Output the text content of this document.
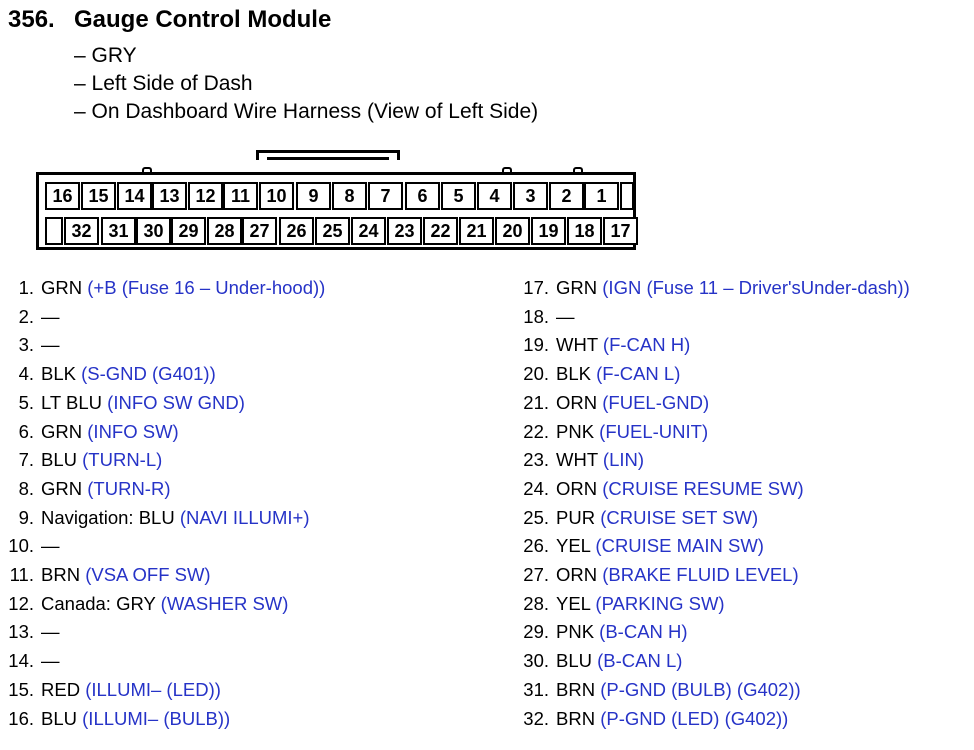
356. Gauge Control Module
– GRY
– Left Side of Dash
– On Dashboard Wire Harness (View of Left Side)
16 15 14 13 12 11 10	9	8	7	6	5	4	3	2	1
32 31 30 29 28 27 26 25 24 23 22 21 20 19 18 17
1. GRN (+B (Fuse 16 – Under-hood))
2. —
3. —
4. BLK (S-GND (G401))
5. LT BLU (INFO SW GND)
6. GRN (INFO SW)
7. BLU (TURN-L)
8. GRN (TURN-R)
9. Navigation: BLU (NAVI ILLUMI+)
10. —
11. BRN (VSA OFF SW)
12. Canada: GRY (WASHER SW)
13. —
14. —
15. RED (ILLUMI– (LED))
16. BLU (ILLUMI– (BULB))
17. GRN (IGN (Fuse 11 – Driver'sUnder-dash))
18. —
19. WHT (F-CAN H)
20. BLK (F-CAN L)
21. ORN (FUEL-GND)
22. PNK (FUEL-UNIT)
23. WHT (LIN)
24. ORN (CRUISE RESUME SW)
25. PUR (CRUISE SET SW)
26. YEL (CRUISE MAIN SW)
27. ORN (BRAKE FLUID LEVEL)
28. YEL (PARKING SW)
29. PNK (B-CAN H)
30. BLU (B-CAN L)
31. BRN (P-GND (BULB) (G402))
32. BRN (P-GND (LED) (G402))
